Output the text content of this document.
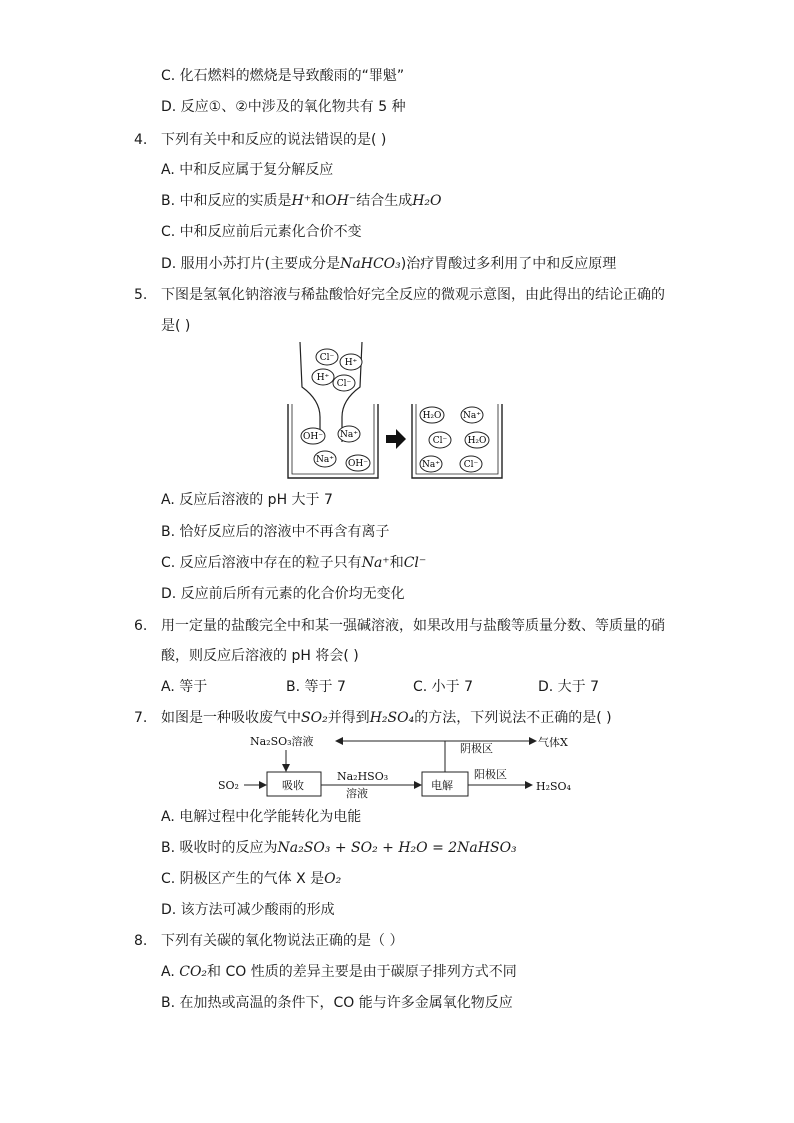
C. 化石燃料的燃烧是导致酸雨的“罪魁”
D. 反应①、②中涉及的氧化物共有 5 种
4. 下列有关中和反应的说法错误的是( )
A. 中和反应属于复分解反应
B. 中和反应的实质是H⁺和OH⁻结合生成H₂O
C. 中和反应前后元素化合价不变
D. 服用小苏打片(主要成分是NaHCO₃)治疗胃酸过多利用了中和反应原理
5. 下图是氢氧化钠溶液与稀盐酸恰好完全反应的微观示意图，由此得出的结论正确的
是( )
Cl⁻ H⁺
H⁺
Cl⁻
OH⁻ Na⁺
Na⁺ OH⁻
H₂O Na⁺
Cl⁻ H₂O
Na⁺	Cl⁻
A. 反应后溶液的 pH 大于 7
B. 恰好反应后的溶液中不再含有离子
C. 反应后溶液中存在的粒子只有Na⁺和Cl⁻
D. 反应前后所有元素的化合价均无变化
6. 用一定量的盐酸完全中和某一强碱溶液，如果改用与盐酸等质量分数、等质量的硝
酸，则反应后溶液的 pH 将会( )
A. 等于	B. 等于 7	C. 小于 7	D. 大于 7
7. 如图是一种吸收废气中SO₂并得到H₂SO₄的方法，下列说法不正确的是( )
Na₂SO₃溶液
阴极区	气体X
SO₂	吸收
Na₂HSO₃
溶液
电解
阳极区
H₂SO₄
A. 电解过程中化学能转化为电能
B. 吸收时的反应为Na₂SO₃ + SO₂ + H₂O = 2NaHSO₃
C. 阴极区产生的气体 X 是O₂
D. 该方法可减少酸雨的形成
8. 下列有关碳的氧化物说法正确的是（ ）
A. CO₂和 CO 性质的差异主要是由于碳原子排列方式不同
B. 在加热或高温的条件下，CO 能与许多金属氧化物反应
